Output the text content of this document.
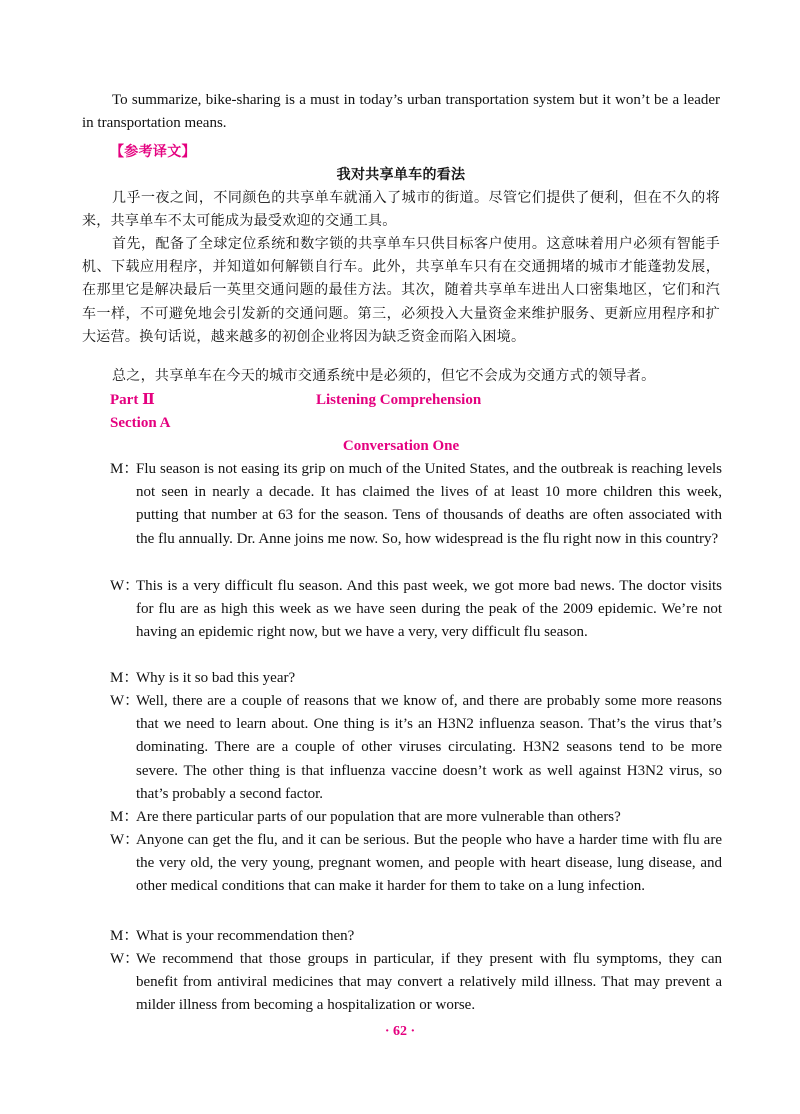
To summarize, bike-sharing is a must in today’s urban transportation system but it won’t be a leader in transportation means.
【参考译文】
我对共享单车的看法
几乎一夜之间，不同颜色的共享单车就涌入了城市的街道。尽管它们提供了便利，但在不久的将来，共享单车不太可能成为最受欢迎的交通工具。
首先，配备了全球定位系统和数字锁的共享单车只供目标客户使用。这意味着用户必须有智能手机、下载应用程序，并知道如何解锁自行车。此外，共享单车只有在交通拥堵的城市才能蓬勃发展，在那里它是解决最后一英里交通问题的最佳方法。其次，随着共享单车进出人口密集地区，它们和汽车一样，不可避免地会引发新的交通问题。第三，必须投入大量资金来维护服务、更新应用程序和扩大运营。换句话说，越来越多的初创企业将因为缺乏资金而陷入困境。
总之，共享单车在今天的城市交通系统中是必须的，但它不会成为交通方式的领导者。
Part Ⅱ	Listening Comprehension
Section A
Conversation One
M：
Flu season is not easing its grip on much of the United States, and the outbreak is reaching levels not seen in nearly a decade. It has claimed the lives of at least 10 more children this week, putting that number at 63 for the season. Tens of thousands of deaths are often associated with the flu annually. Dr. Anne joins me now. So, how widespread is the flu right now in this country?
W：
This is a very difficult flu season. And this past week, we got more bad news. The doctor visits for flu are as high this week as we have seen during the peak of the 2009 epidemic. We’re not having an epidemic right now, but we have a very, very difficult flu season.
M：
Why is it so bad this year?
W：
Well, there are a couple of reasons that we know of, and there are probably some more reasons that we need to learn about. One thing is it’s an H3N2 influenza season. That’s the virus that’s dominating. There are a couple of other viruses circulating. H3N2 seasons tend to be more severe. The other thing is that influenza vaccine doesn’t work as well against H3N2 virus, so that’s probably a second factor.
M：
Are there particular parts of our population that are more vulnerable than others?
W：
Anyone can get the flu, and it can be serious. But the people who have a harder time with flu are the very old, the very young, pregnant women, and people with heart disease, lung disease, and other medical conditions that can make it harder for them to take on a lung infection.
M：
What is your recommendation then?
W：
We recommend that those groups in particular, if they present with flu symptoms, they can benefit from antiviral medicines that may convert a relatively mild illness. That may prevent a milder illness from becoming a hospitalization or worse.
· 62 ·
